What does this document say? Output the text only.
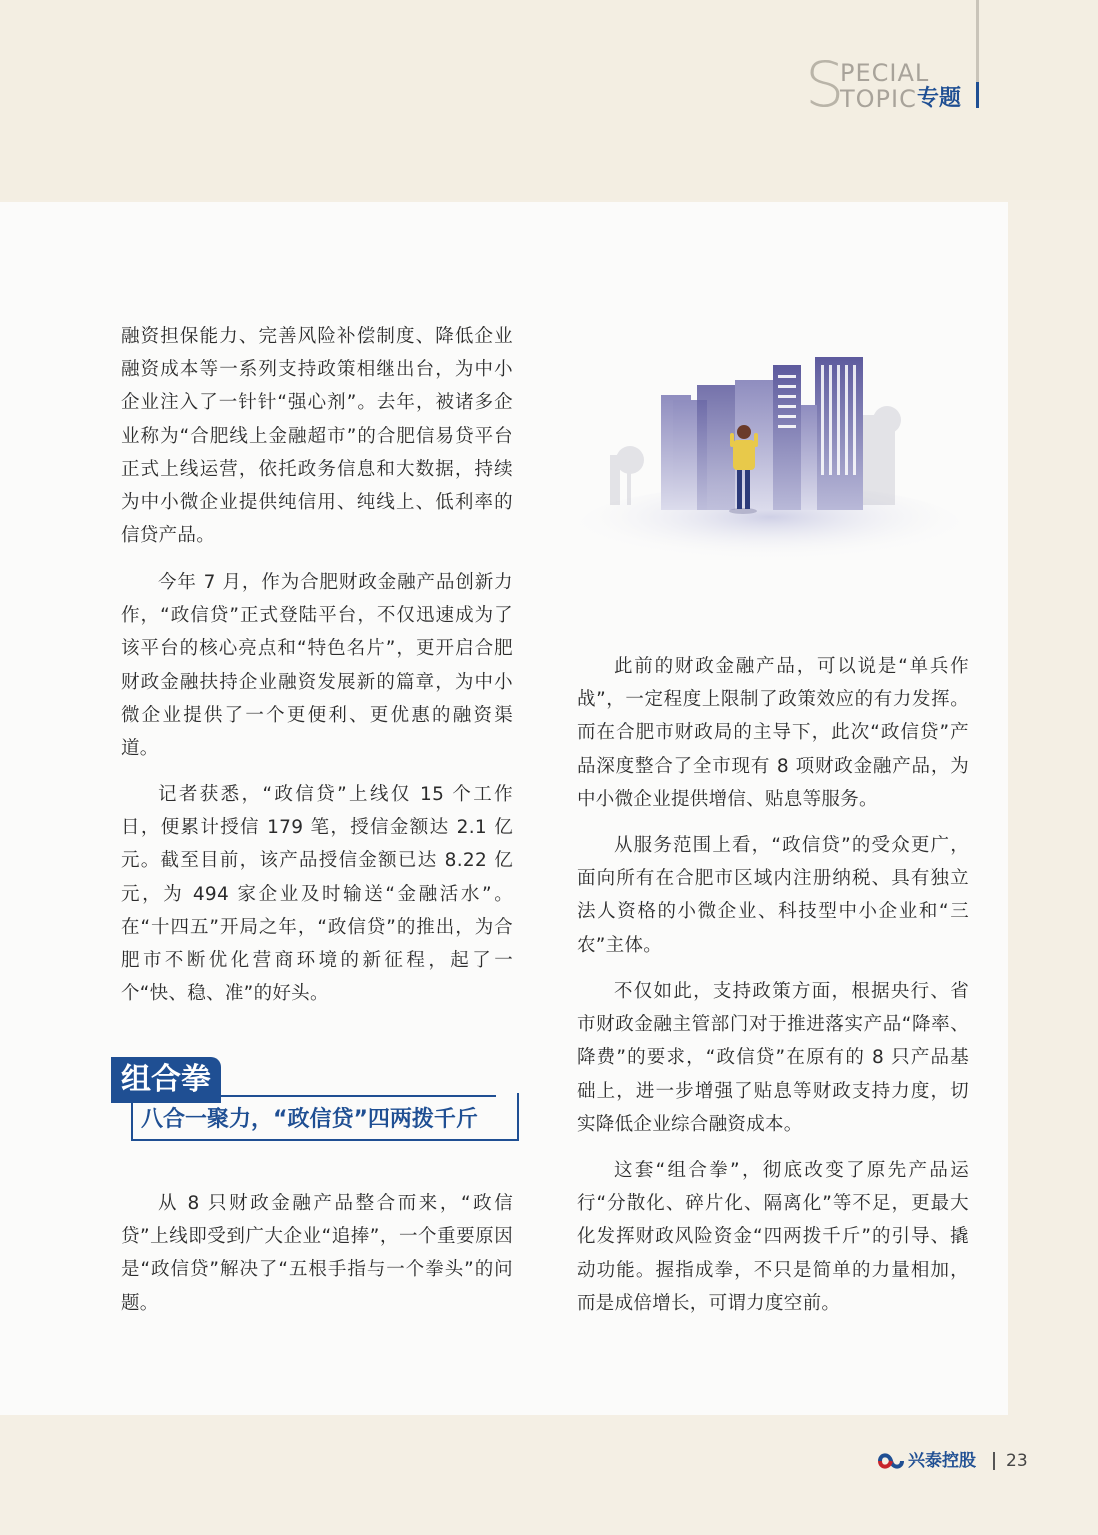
S
PECIAL
TOPIC 专题

融资担保能力、完善风险补偿制度、降低企业融资成本等一系列支持政策相继出台，为中小企业注入了一针针“强心剂”。去年，被诸多企业称为“合肥线上金融超市”的合肥信易贷平台正式上线运营，依托政务信息和大数据，持续为中小微企业提供纯信用、纯线上、低利率的信贷产品。

今年 7 月，作为合肥财政金融产品创新力作，“政信贷”正式登陆平台，不仅迅速成为了该平台的核心亮点和“特色名片”，更开启合肥财政金融扶持企业融资发展新的篇章，为中小微企业提供了一个更便利、更优惠的融资渠道。

记者获悉，“政信贷”上线仅 15 个工作日，便累计授信 179 笔，授信金额达 2.1 亿元。截至目前，该产品授信金额已达 8.22 亿元，为 494 家企业及时输送“金融活水”。在“十四五”开局之年，“政信贷”的推出，为合肥市不断优化营商环境的新征程，起了一个“快、稳、准”的好头。

组合拳
八合一聚力，“政信贷”四两拨千斤

从 8 只财政金融产品整合而来，“政信贷”上线即受到广大企业“追捧”，一个重要原因是“政信贷”解决了“五根手指与一个拳头”的问题。

此前的财政金融产品，可以说是“单兵作战”，一定程度上限制了政策效应的有力发挥。而在合肥市财政局的主导下，此次“政信贷”产品深度整合了全市现有 8 项财政金融产品，为中小微企业提供增信、贴息等服务。

从服务范围上看，“政信贷”的受众更广，面向所有在合肥市区域内注册纳税、具有独立法人资格的小微企业、科技型中小企业和“三农”主体。

不仅如此，支持政策方面，根据央行、省市财政金融主管部门对于推进落实产品“降率、降费”的要求，“政信贷”在原有的 8 只产品基础上，进一步增强了贴息等财政支持力度，切实降低企业综合融资成本。

这套“组合拳”，彻底改变了原先产品运行“分散化、碎片化、隔离化”等不足，更最大化发挥财政风险资金“四两拨千斤”的引导、撬动功能。握指成拳，不只是简单的力量相加，而是成倍增长，可谓力度空前。

兴泰控股 23
